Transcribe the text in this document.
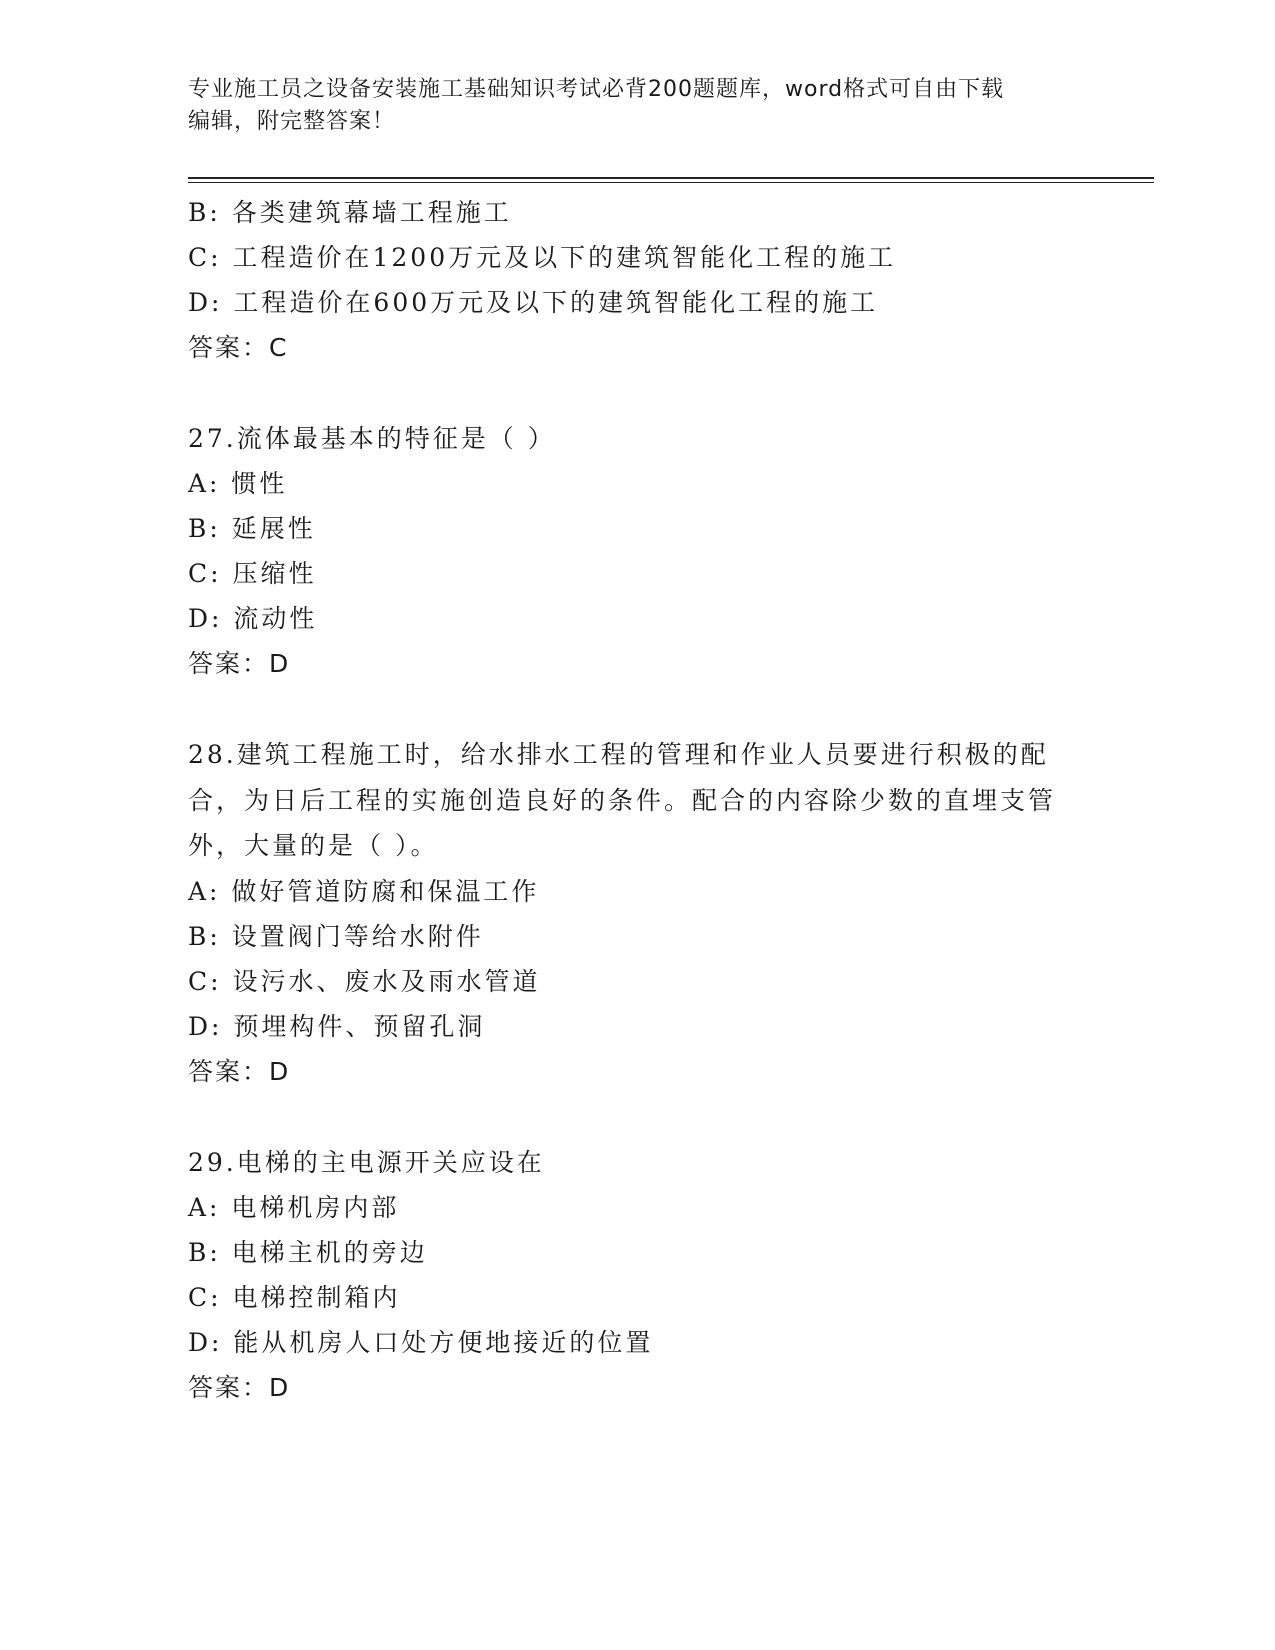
专业施工员之设备安装施工基础知识考试必背200题题库，word格式可自由下载
编辑，附完整答案！
B: 各类建筑幕墙工程施工
C: 工程造价在1200万元及以下的建筑智能化工程的施工
D: 工程造价在600万元及以下的建筑智能化工程的施工
答案：C
27.流体最基本的特征是（ ）
A: 惯性
B: 延展性
C: 压缩性
D: 流动性
答案：D
28.建筑工程施工时，给水排水工程的管理和作业人员要进行积极的配合，为日后工程的实施创造良好的条件。配合的内容除少数的直埋支管外，大量的是（ ）。
A: 做好管道防腐和保温工作
B: 设置阀门等给水附件
C: 设污水、废水及雨水管道
D: 预埋构件、预留孔洞
答案：D
29.电梯的主电源开关应设在
A: 电梯机房内部
B: 电梯主机的旁边
C: 电梯控制箱内
D: 能从机房人口处方便地接近的位置
答案：D
